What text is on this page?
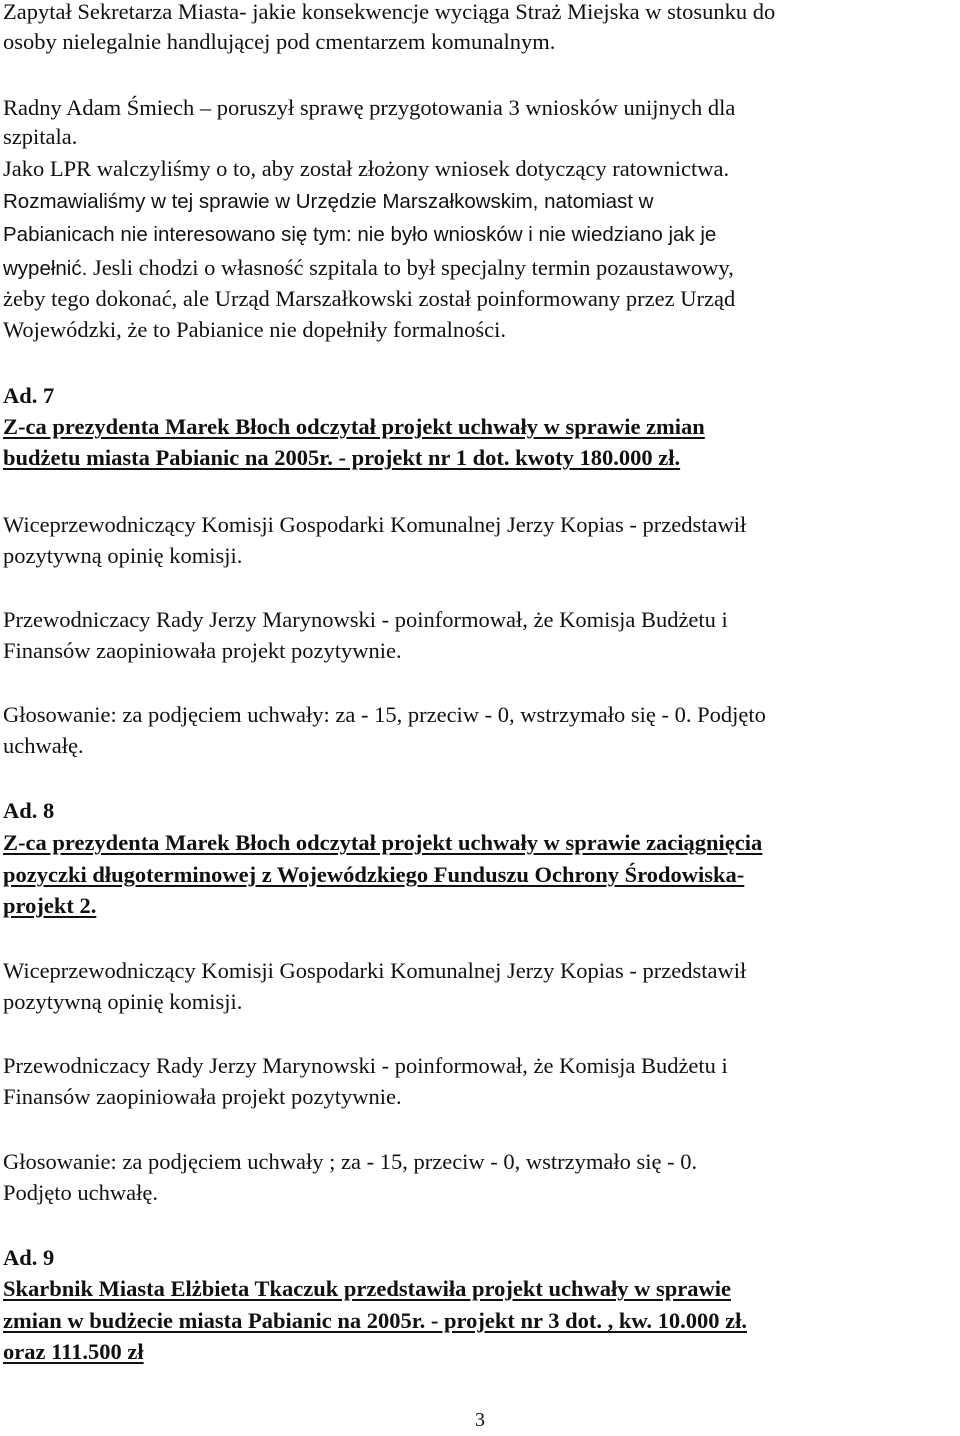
Zapytał Sekretarza Miasta- jakie konsekwencje wyciąga Straż Miejska w stosunku do
osoby nielegalnie handlującej pod cmentarzem komunalnym.
Radny Adam Śmiech – poruszył sprawę przygotowania 3 wniosków unijnych dla
szpitala.
Jako LPR walczyliśmy o to, aby został złożony wniosek dotyczący ratownictwa.
Rozmawialiśmy w tej sprawie w Urzędzie Marszałkowskim, natomiast w
Pabianicach nie interesowano się tym: nie było wniosków i nie wiedziano jak je
wypełnić. Jesli chodzi o własność szpitala to był specjalny termin pozaustawowy,
żeby tego dokonać, ale Urząd Marszałkowski został poinformowany przez Urząd
Wojewódzki, że to Pabianice nie dopełniły formalności.
Ad. 7
Z-ca prezydenta Marek Błoch odczytał projekt uchwały w sprawie zmian
budżetu miasta Pabianic na 2005r. - projekt nr 1 dot. kwoty 180.000 zł.
Wiceprzewodniczący Komisji Gospodarki Komunalnej Jerzy Kopias - przedstawił
pozytywną opinię komisji.
Przewodniczacy Rady Jerzy Marynowski - poinformował, że Komisja Budżetu i
Finansów zaopiniowała projekt pozytywnie.
Głosowanie: za podjęciem uchwały: za - 15, przeciw - 0, wstrzymało się - 0. Podjęto
uchwałę.
Ad. 8
Z-ca prezydenta Marek Błoch odczytał projekt uchwały w sprawie zaciągnięcia
pozyczki długoterminowej z Wojewódzkiego Funduszu Ochrony Środowiska-
projekt 2.
Wiceprzewodniczący Komisji Gospodarki Komunalnej Jerzy Kopias - przedstawił
pozytywną opinię komisji.
Przewodniczacy Rady Jerzy Marynowski - poinformował, że Komisja Budżetu i
Finansów zaopiniowała projekt pozytywnie.
Głosowanie: za podjęciem uchwały ; za - 15, przeciw - 0, wstrzymało się - 0.
Podjęto uchwałę.
Ad. 9
Skarbnik Miasta Elżbieta Tkaczuk przedstawiła projekt uchwały w sprawie
zmian w budżecie miasta Pabianic na 2005r. - projekt nr 3 dot. , kw. 10.000 zł.
oraz 111.500 zł
3
